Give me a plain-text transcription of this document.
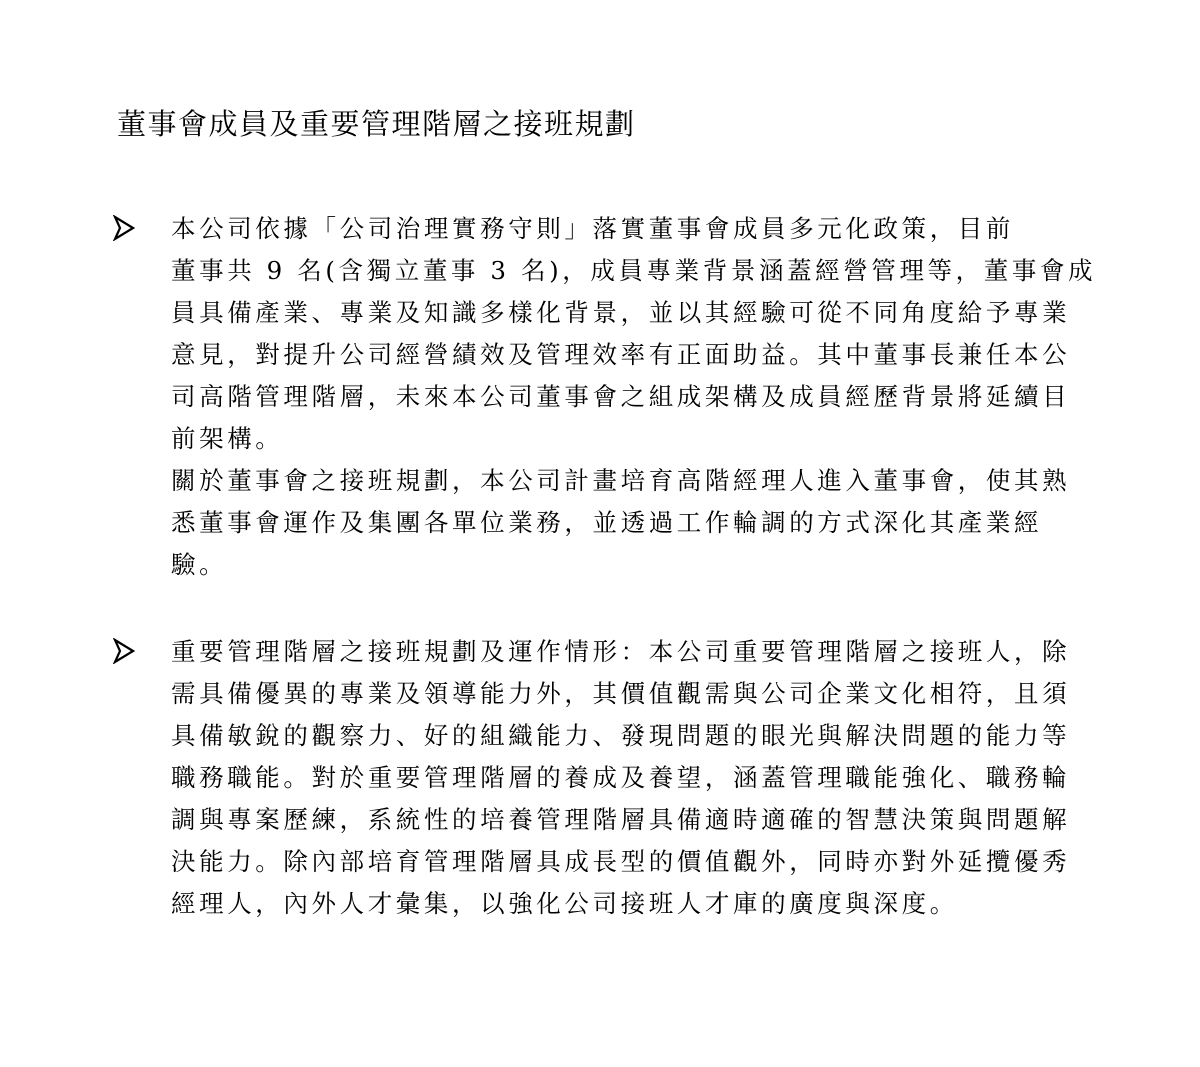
董事會成員及重要管理階層之接班規劃
本公司依據「公司治理實務守則」落實董事會成員多元化政策，目前
董事共 9 名(含獨立董事 3 名)，成員專業背景涵蓋經營管理等，董事會成
員具備產業、專業及知識多樣化背景，並以其經驗可從不同角度給予專業
意見，對提升公司經營績效及管理效率有正面助益。其中董事長兼任本公
司高階管理階層，未來本公司董事會之組成架構及成員經歷背景將延續目
前架構。
關於董事會之接班規劃，本公司計畫培育高階經理人進入董事會，使其熟
悉董事會運作及集團各單位業務，並透過工作輪調的方式深化其產業經
驗。
重要管理階層之接班規劃及運作情形：本公司重要管理階層之接班人，除
需具備優異的專業及領導能力外，其價值觀需與公司企業文化相符，且須
具備敏銳的觀察力、好的組織能力、發現問題的眼光與解決問題的能力等
職務職能。對於重要管理階層的養成及養望，涵蓋管理職能強化、職務輪
調與專案歷練，系統性的培養管理階層具備適時適確的智慧決策與問題解
決能力。除內部培育管理階層具成長型的價值觀外，同時亦對外延攬優秀
經理人，內外人才彙集，以強化公司接班人才庫的廣度與深度。
